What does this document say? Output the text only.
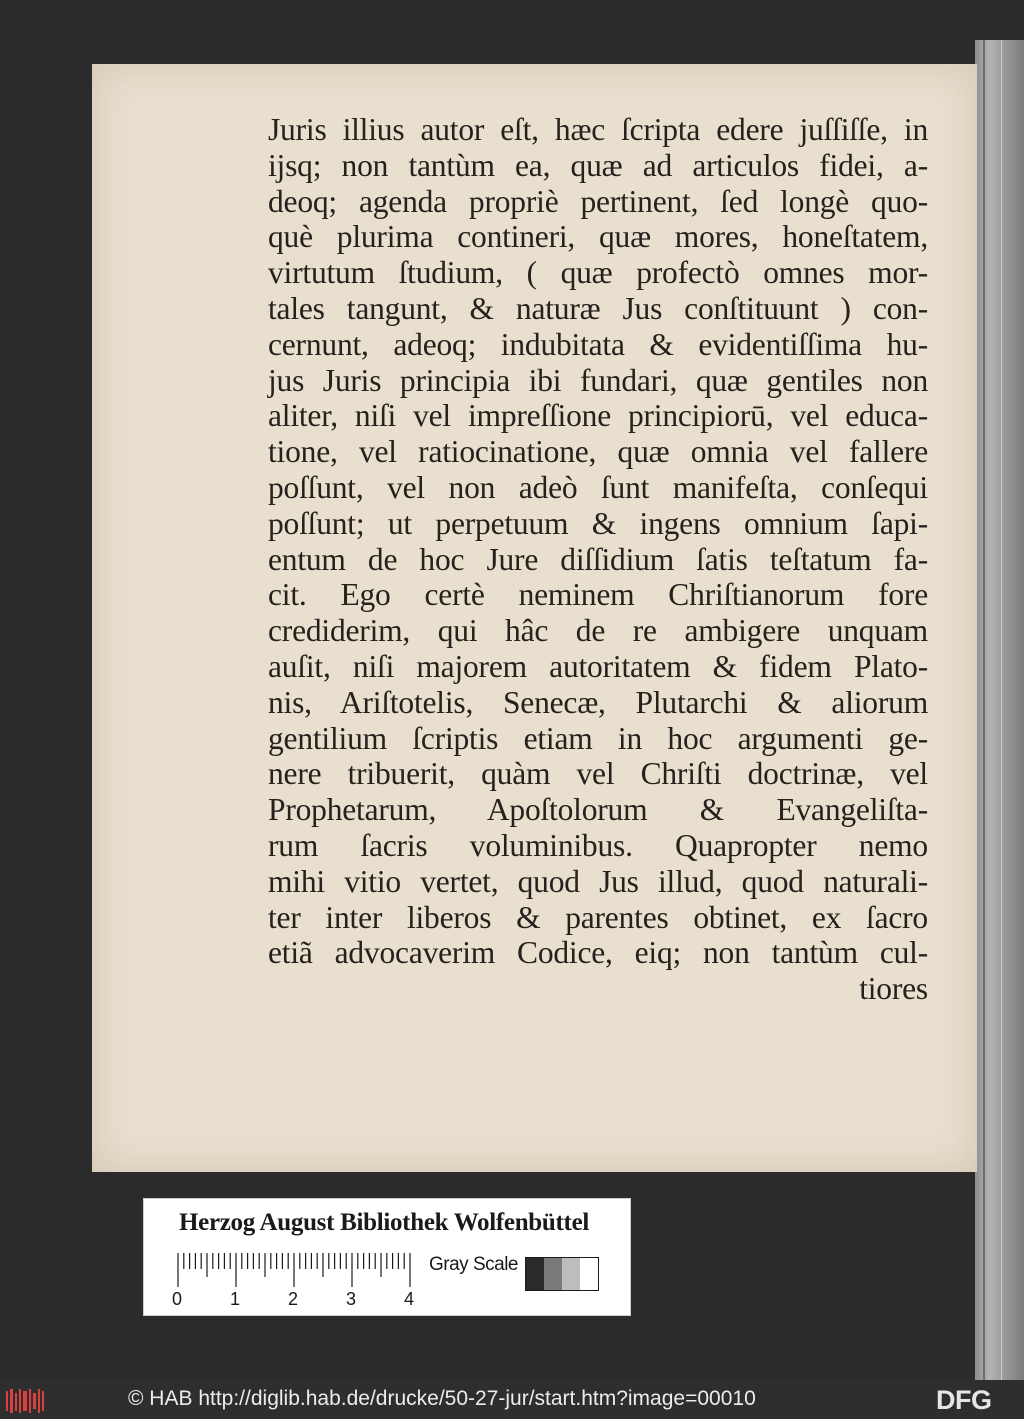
Juris illius autor eſt, hæc ſcripta edere juſſiſſe, in
ijsq; non tantùm ea, quæ ad articulos fidei, a-
deoq; agenda propriè pertinent, ſed longè quo-
què plurima contineri, quæ mores, honeſtatem,
virtutum ſtudium, ( quæ profectò omnes mor-
tales tangunt, & naturæ Jus conſtituunt ) con-
cernunt, adeoq; indubitata & evidentiſſima hu-
jus Juris principia ibi fundari, quæ gentiles non
aliter, niſi vel impreſſione principiorū, vel educa-
tione, vel ratiocinatione, quæ omnia vel fallere
poſſunt, vel non adeò ſunt manifeſta, conſequi
poſſunt; ut perpetuum & ingens omnium ſapi-
entum de hoc Jure diſſidium ſatis teſtatum fa-
cit. Ego certè neminem Chriſtianorum fore
crediderim, qui hâc de re ambigere unquam
auſit, niſi majorem autoritatem & fidem Plato-
nis, Ariſtotelis, Senecæ, Plutarchi & aliorum
gentilium ſcriptis etiam in hoc argumenti ge-
nere tribuerit, quàm vel Chriſti doctrinæ, vel
Prophetarum, Apoſtolorum & Evangeliſta-
rum ſacris voluminibus. Quapropter nemo
mihi vitio vertet, quod Jus illud, quod naturali-
ter inter liberos & parentes obtinet, ex ſacro
etiã advocaverim Codice, eiq; non tantùm cul-
tiores
Herzog August Bibliothek Wolfenbüttel
0	1	2	3	4
Gray Scale
© HAB http://diglib.hab.de/drucke/50-27-jur/start.htm?image=00010	DFG
